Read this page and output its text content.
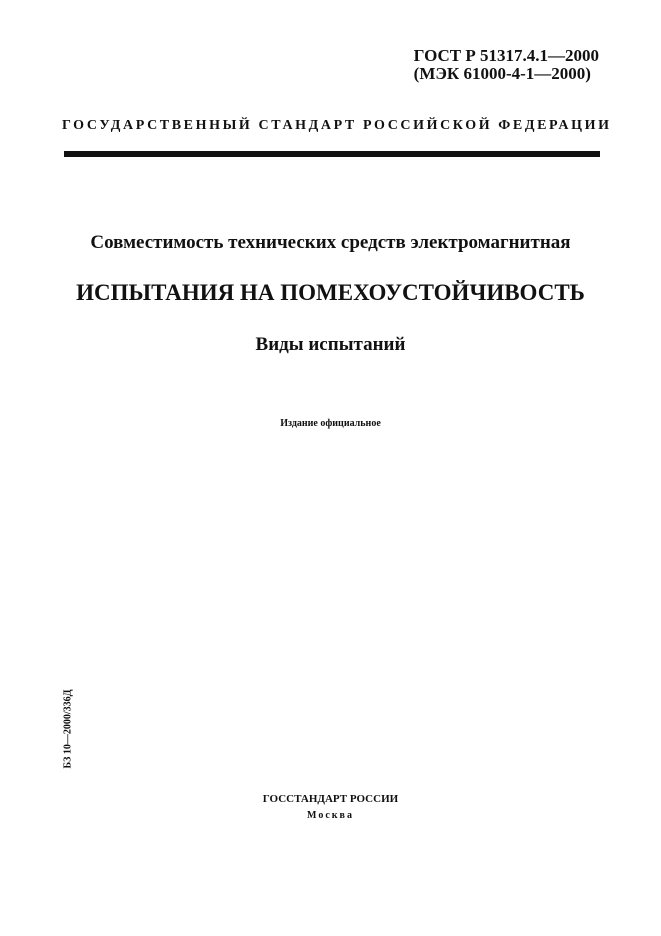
ГОСТ Р 51317.4.1—2000
(МЭК 61000-4-1—2000)
ГОСУДАРСТВЕННЫЙ СТАНДАРТ РОССИЙСКОЙ ФЕДЕРАЦИИ
Совместимость технических средств электромагнитная
ИСПЫТАНИЯ НА ПОМЕХОУСТОЙЧИВОСТЬ
Виды испытаний
Издание официальное
БЗ 10—2000/336Д
ГОССТАНДАРТ РОССИИ
Москва
